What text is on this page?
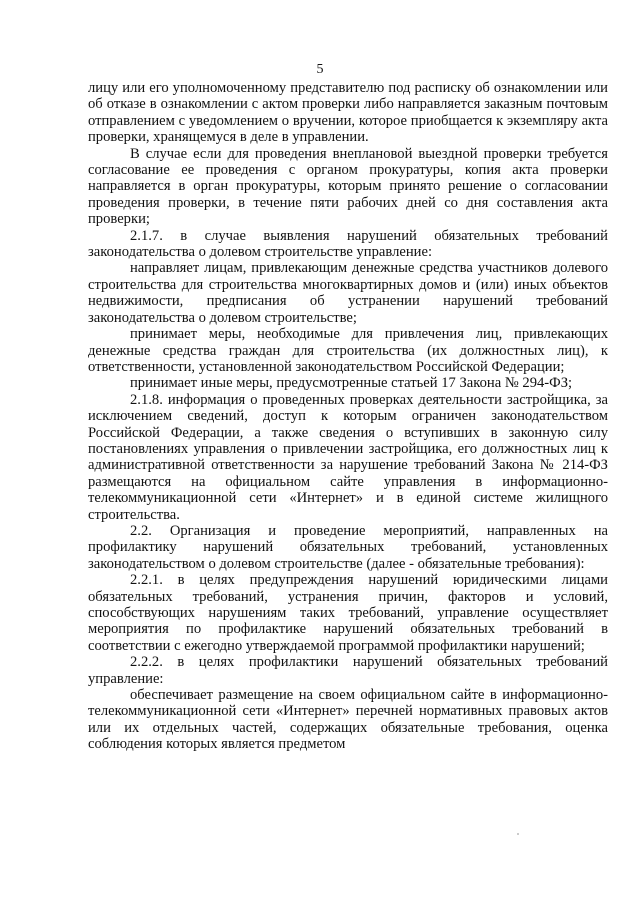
5

лицу или его уполномоченному представителю под расписку об ознакомлении или об отказе в ознакомлении с актом проверки либо направляется заказным почтовым отправлением с уведомлением о вручении, которое приобщается к экземпляру акта проверки, хранящемуся в деле в управлении.

В случае если для проведения внеплановой выездной проверки требуется согласование ее проведения с органом прокуратуры, копия акта проверки направляется в орган прокуратуры, которым принято решение о согласовании проведения проверки, в течение пяти рабочих дней со дня составления акта проверки;

2.1.7. в случае выявления нарушений обязательных требований законодательства о долевом строительстве управление:

направляет лицам, привлекающим денежные средства участников долевого строительства для строительства многоквартирных домов и (или) иных объектов недвижимости, предписания об устранении нарушений требований законодательства о долевом строительстве;

принимает меры, необходимые для привлечения лиц, привлекающих денежные средства граждан для строительства (их должностных лиц), к ответственности, установленной законодательством Российской Федерации;

принимает иные меры, предусмотренные статьей 17 Закона № 294-ФЗ;

2.1.8. информация о проведенных проверках деятельности застройщика, за исключением сведений, доступ к которым ограничен законодательством Российской Федерации, а также сведения о вступивших в законную силу постановлениях управления о привлечении застройщика, его должностных лиц к административной ответственности за нарушение требований Закона № 214-ФЗ размещаются на официальном сайте управления в информационно-телекоммуникационной сети «Интернет» и в единой системе жилищного строительства.

2.2. Организация и проведение мероприятий, направленных на профилактику нарушений обязательных требований, установленных законодательством о долевом строительстве (далее - обязательные требования):

2.2.1. в целях предупреждения нарушений юридическими лицами обязательных требований, устранения причин, факторов и условий, способствующих нарушениям таких требований, управление осуществляет мероприятия по профилактике нарушений обязательных требований в соответствии с ежегодно утверждаемой программой профилактики нарушений;

2.2.2. в целях профилактики нарушений обязательных требований управление:

обеспечивает размещение на своем официальном сайте в информационно-телекоммуникационной сети «Интернет» перечней нормативных правовых актов или их отдельных частей, содержащих обязательные требования, оценка соблюдения которых является предметом
